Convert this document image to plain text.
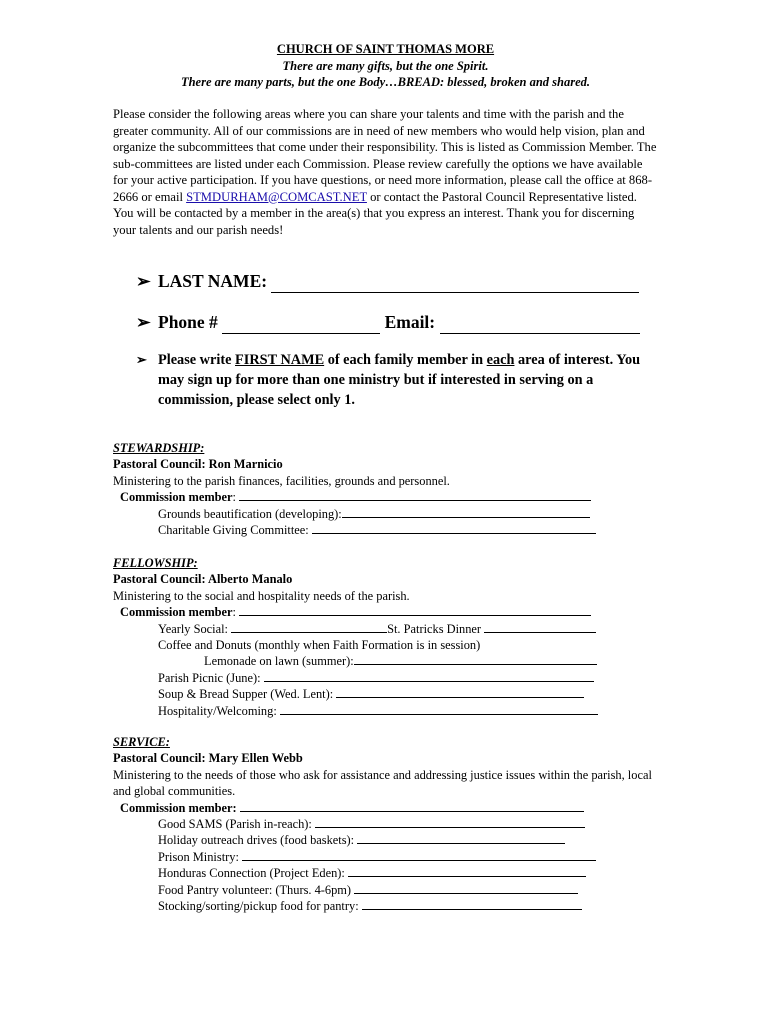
CHURCH OF SAINT THOMAS MORE
There are many gifts, but the one Spirit.
There are many parts, but the one Body…BREAD: blessed, broken and shared.
Please consider the following areas where you can share your talents and time with the parish and the greater community. All of our commissions are in need of new members who would help vision, plan and organize the subcommittees that come under their responsibility. This is listed as Commission Member. The sub-committees are listed under each Commission. Please review carefully the options we have available for your active participation. If you have questions, or need more information, please call the office at 868-2666 or email STMDURHAM@COMCAST.NET or contact the Pastoral Council Representative listed. You will be contacted by a member in the area(s) that you express an interest. Thank you for discerning your talents and our parish needs!
➢ LAST NAME:
➢ Phone #	Email:
➢ Please write FIRST NAME of each family member in each area of interest. You may sign up for more than one ministry but if interested in serving on a commission, please select only 1.
STEWARDSHIP:
Pastoral Council: Ron Marnicio
Ministering to the parish finances, facilities, grounds and personnel.
Commission member:
Grounds beautification (developing):
Charitable Giving Committee:
FELLOWSHIP:
Pastoral Council: Alberto Manalo
Ministering to the social and hospitality needs of the parish.
Commission member:
Yearly Social:	St. Patricks Dinner
Coffee and Donuts (monthly when Faith Formation is in session)
Lemonade on lawn (summer):
Parish Picnic (June):
Soup & Bread Supper (Wed. Lent):
Hospitality/Welcoming:
SERVICE:
Pastoral Council: Mary Ellen Webb
Ministering to the needs of those who ask for assistance and addressing justice issues within the parish, local and global communities.
Commission member:
Good SAMS (Parish in-reach):
Holiday outreach drives (food baskets):
Prison Ministry:
Honduras Connection (Project Eden):
Food Pantry volunteer: (Thurs. 4-6pm)
Stocking/sorting/pickup food for pantry:
